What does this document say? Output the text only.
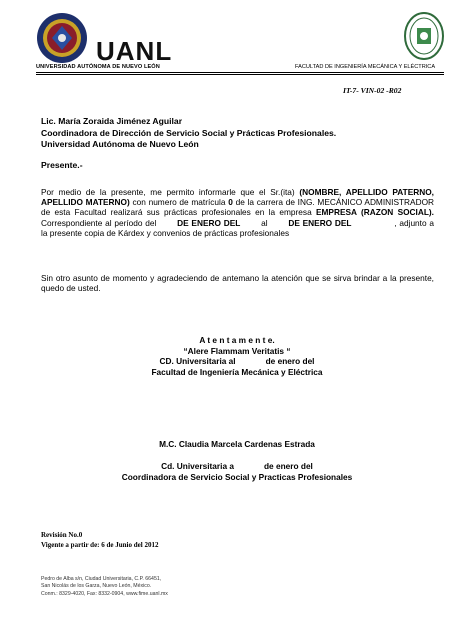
UANL
UNIVERSIDAD AUTÓNOMA DE NUEVO LEÓN	FACULTAD DE INGENIERÍA MECÁNICA Y ELÉCTRICA
IT-7- VIN-02 -R02
Lic. María Zoraida Jiménez Aguilar
Coordinadora de Dirección de Servicio Social y Prácticas Profesionales.
Universidad Autónoma de Nuevo León
Presente.-
Por medio de la presente, me permito informarle que el Sr.(ita) (NOMBRE, APELLIDO PATERNO, APELLIDO MATERNO) con numero de matrícula 0 de la carrera de ING. MECÁNICO ADMINISTRADOR de esta Facultad realizará sus prácticas profesionales en la empresa EMPRESA (RAZON SOCIAL). Correspondiente al período del DE ENERO DEL al DE ENERO DEL	, adjunto a la presente copia de Kárdex y convenios de prácticas profesionales
Sin otro asunto de momento y agradeciendo de antemano la atención que se sirva brindar a la presente, quedo de usted.
A t e n t a m e n t e.
“Alere Flammam Veritatis “
CD. Universitaria al	de enero del
Facultad de Ingeniería Mecánica y Eléctrica
M.C. Claudia Marcela Cardenas Estrada
Cd. Universitaria a	de enero del
Coordinadora de Servicio Social y Practicas Profesionales
Revisión No.0
Vigente a partir de: 6 de Junio del 2012
Pedro de Alba s/n, Ciudad Universitaria, C.P. 66451,
San Nicolás de los Garza, Nuevo León, México.
Conm.: 8329-4020, Fax: 8332-0904, www.fime.uanl.mx
